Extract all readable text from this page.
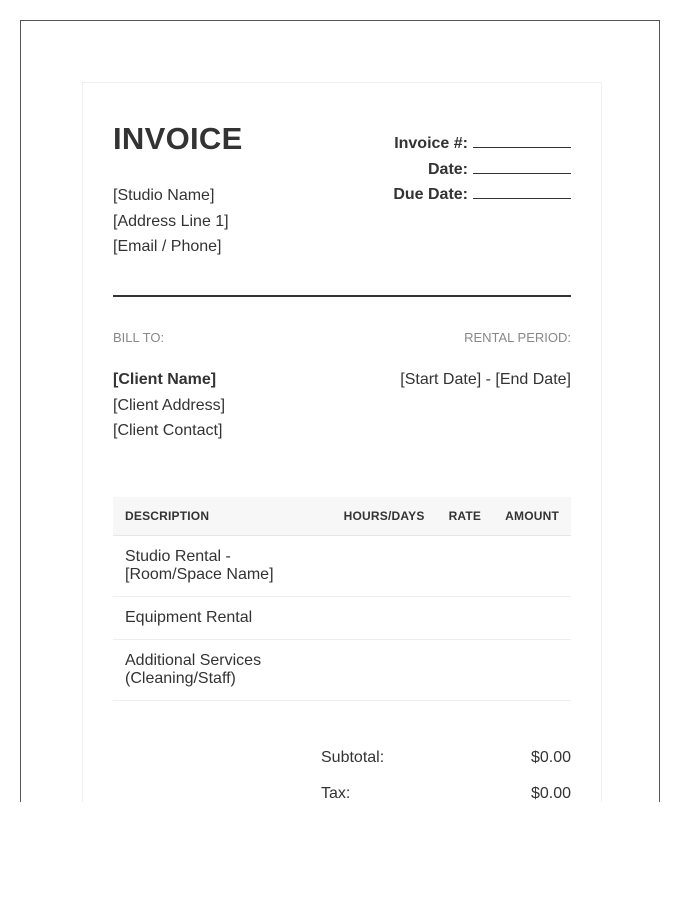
INVOICE
[Studio Name]
[Address Line 1]
[Email / Phone]
Invoice #:
Date:
Due Date:
BILL TO:	RENTAL PERIOD:
[Client Name]
[Client Address]
[Client Contact]
[Start Date] - [End Date]
DESCRIPTION	HOURS/DAYS	RATE	AMOUNT

Studio Rental -
[Room/Space Name]			

Equipment Rental			

Additional Services
(Cleaning/Staff)			

Subtotal:	$0.00
Tax:	$0.00
